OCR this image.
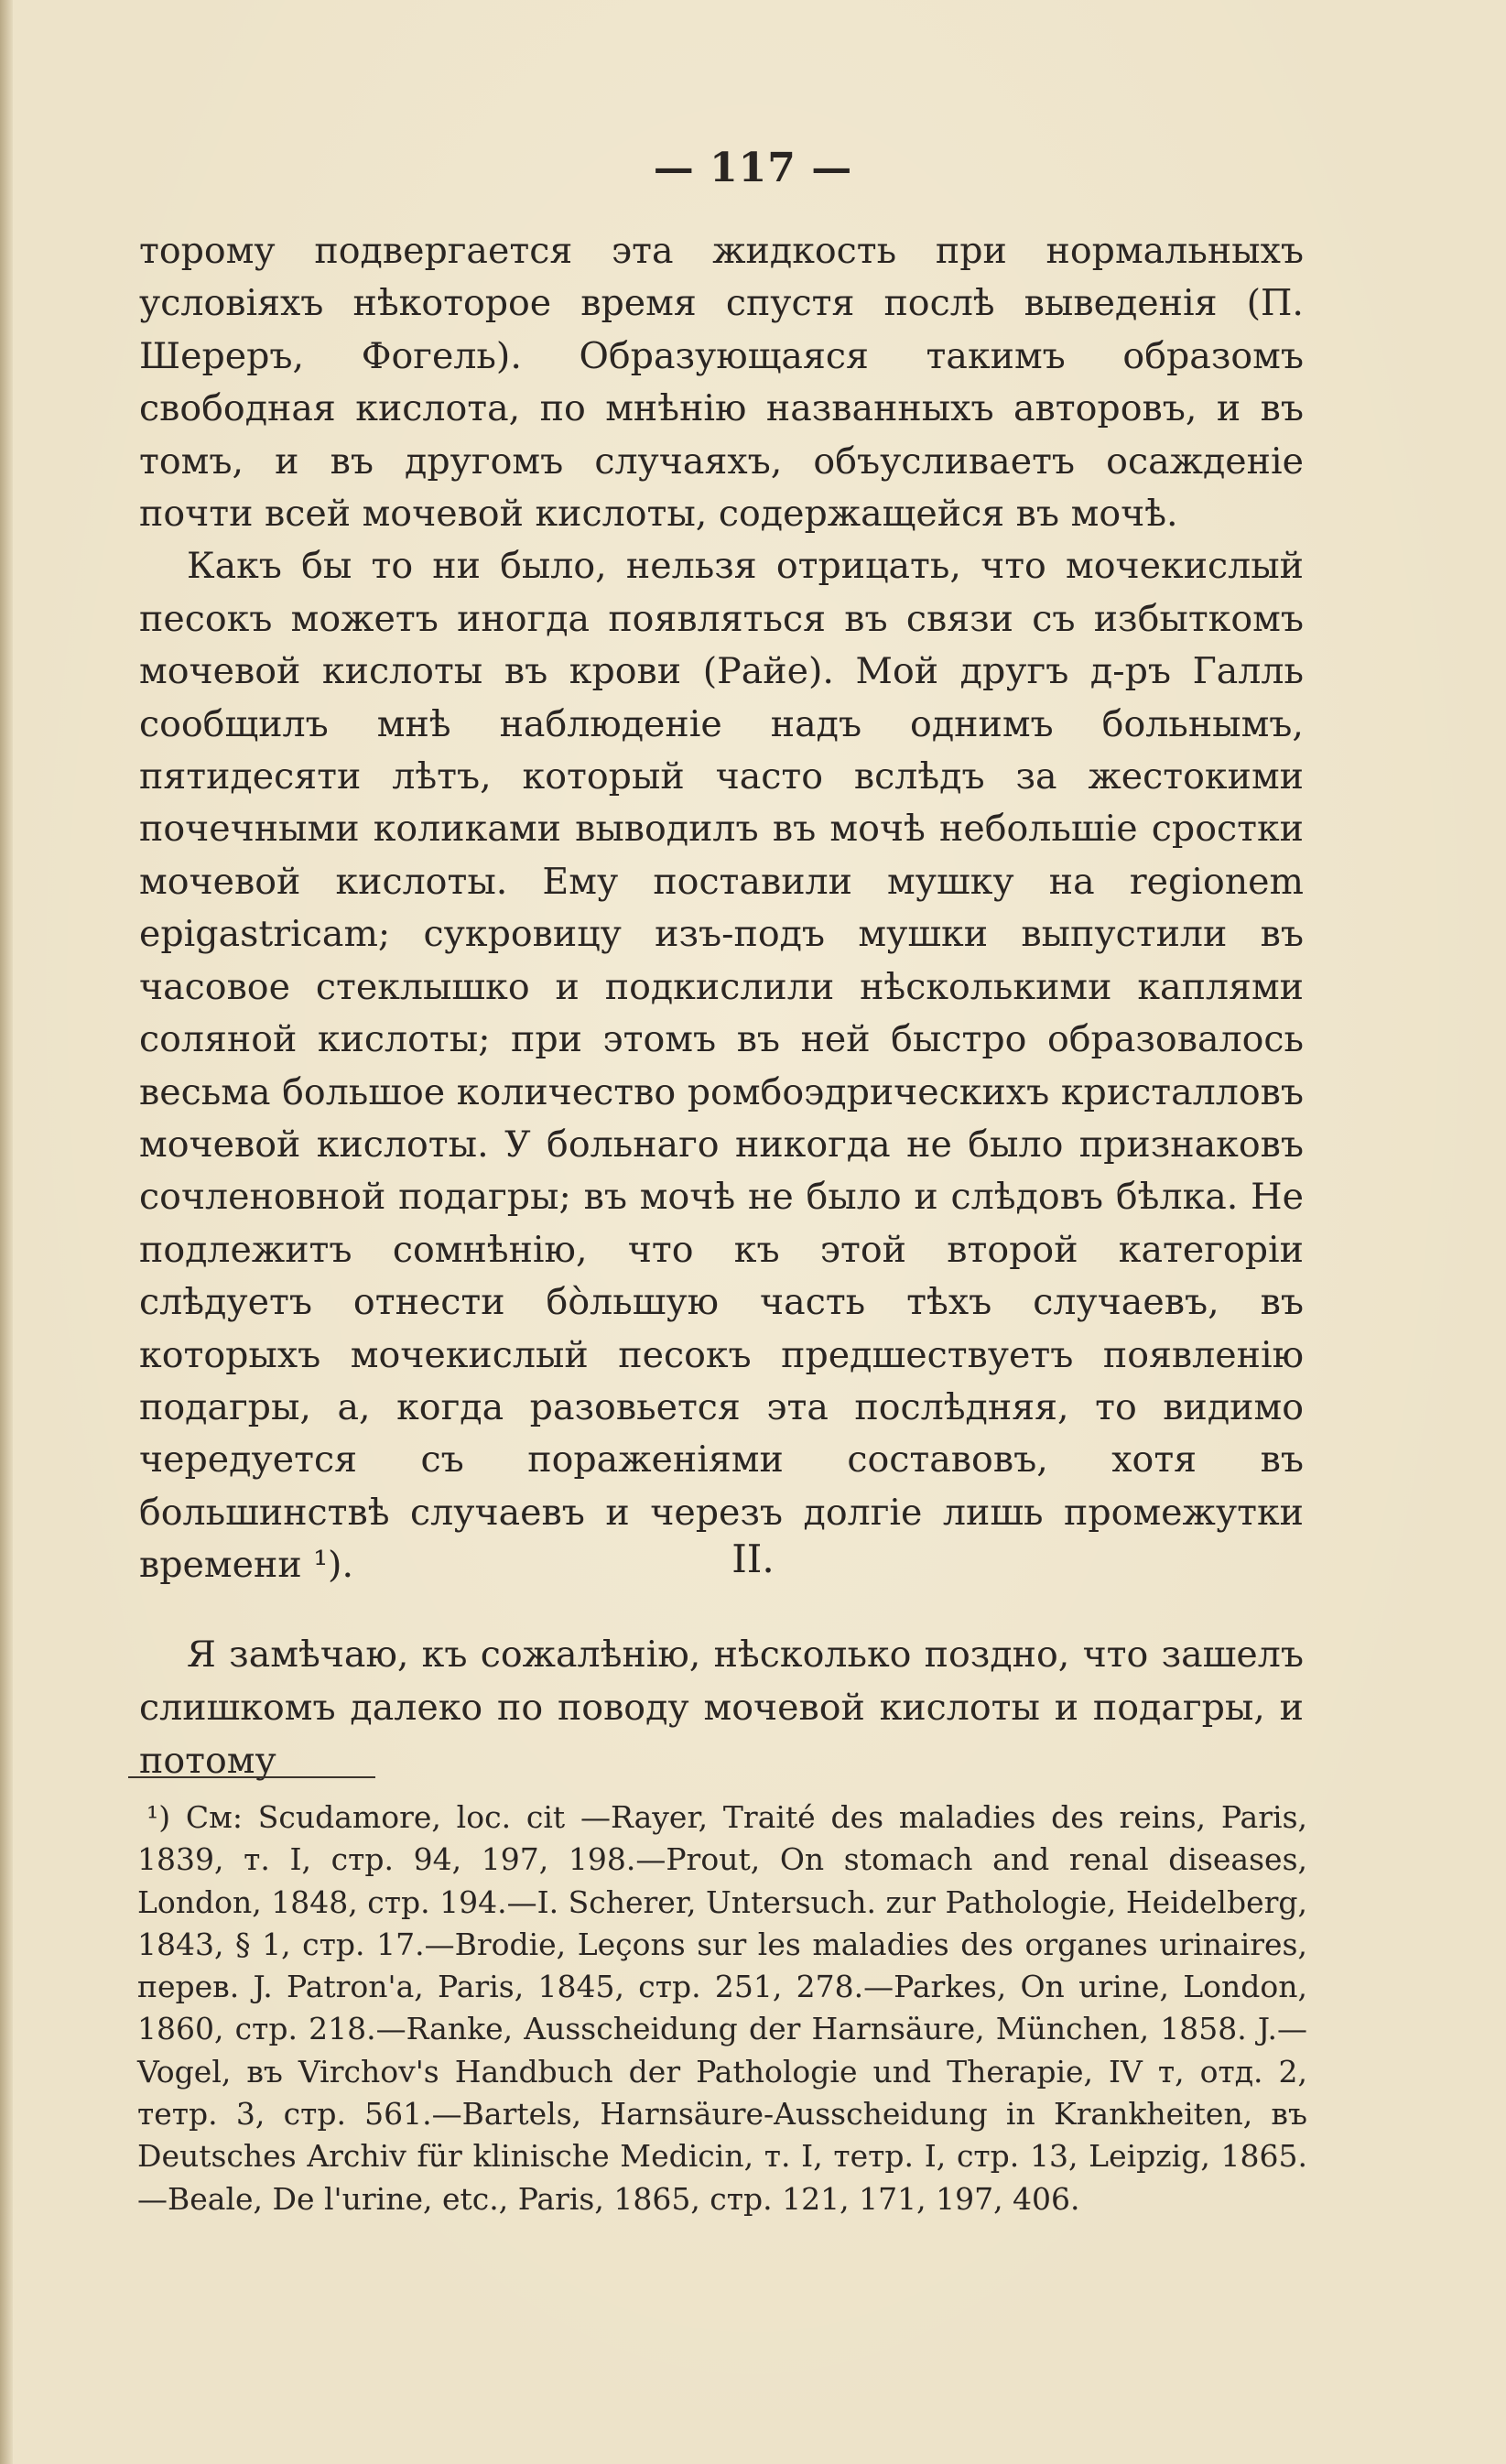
— 117 —

торому подвергается эта жидкость при нормальныхъ условіяхъ нѣкоторое время спустя послѣ выведенія (П. Шереръ, Фогель). Образующаяся такимъ образомъ свободная кислота, по мнѣнію названныхъ авторовъ, и въ томъ, и въ другомъ случаяхъ, объусливаетъ осажденіе почти всей мочевой кислоты, содержащейся въ мочѣ.

Какъ бы то ни было, нельзя отрицать, что мочекислый песокъ можетъ иногда появляться въ связи съ избыткомъ мочевой кислоты въ крови (Райе). Мой другъ д-ръ Галль сообщилъ мнѣ наблюденіе надъ однимъ больнымъ, пятидесяти лѣтъ, который часто вслѣдъ за жестокими почечными коликами выводилъ въ мочѣ небольшіе сростки мочевой кислоты. Ему поставили мушку на regionem epigastricam; сукровицу изъ-подъ мушки выпустили въ часовое стеклышко и подкислили нѣсколькими каплями соляной кислоты; при этомъ въ ней быстро образовалось весьма большое количество ромбоэдрическихъ кристалловъ мочевой кислоты. У больнаго никогда не было признаковъ сочленовной подагры; въ мочѣ не было и слѣдовъ бѣлка. Не подлежитъ сомнѣнію, что къ этой второй категоріи слѣдуетъ отнести бо̀льшую часть тѣхъ случаевъ, въ которыхъ мочекислый песокъ предшествуетъ появленію подагры, а, когда разовьется эта послѣдняя, то видимо чередуется съ пораженіями составовъ, хотя въ большинствѣ случаевъ и черезъ долгіе лишь промежутки времени ¹).	II.

Я замѣчаю, къ сожалѣнію, нѣсколько поздно, что зашелъ слишкомъ далеко по поводу мочевой кислоты и подагры, и потому

¹) См: Scudamore, loc. cit —Rayer, Traité des maladies des reins, Paris, 1839, т. I, стр. 94, 197, 198.—Prout, On stomach and renal diseases, London, 1848, стр. 194.—I. Scherer, Untersuch. zur Pathologie, Heidelberg, 1843, § 1, стр. 17.—Brodie, Leçons sur les maladies des organes urinaires, перев. J. Patron'а, Paris, 1845, стр. 251, 278.—Parkes, On urine, London, 1860, стр. 218.—Ranke, Ausscheidung der Harnsäure, München, 1858. J.— Vogel, въ Virchov's Handbuch der Pathologie und Therapie, IV т, отд. 2, тетр. 3, стр. 561.—Bartels, Harnsäure-Ausscheidung in Krankheiten, въ Deutsches Archiv für klinische Medicin, т. I, тетр. I, стр. 13, Leipzig, 1865.—Beale, De l'urine, etc., Paris, 1865, стр. 121, 171, 197, 406.
